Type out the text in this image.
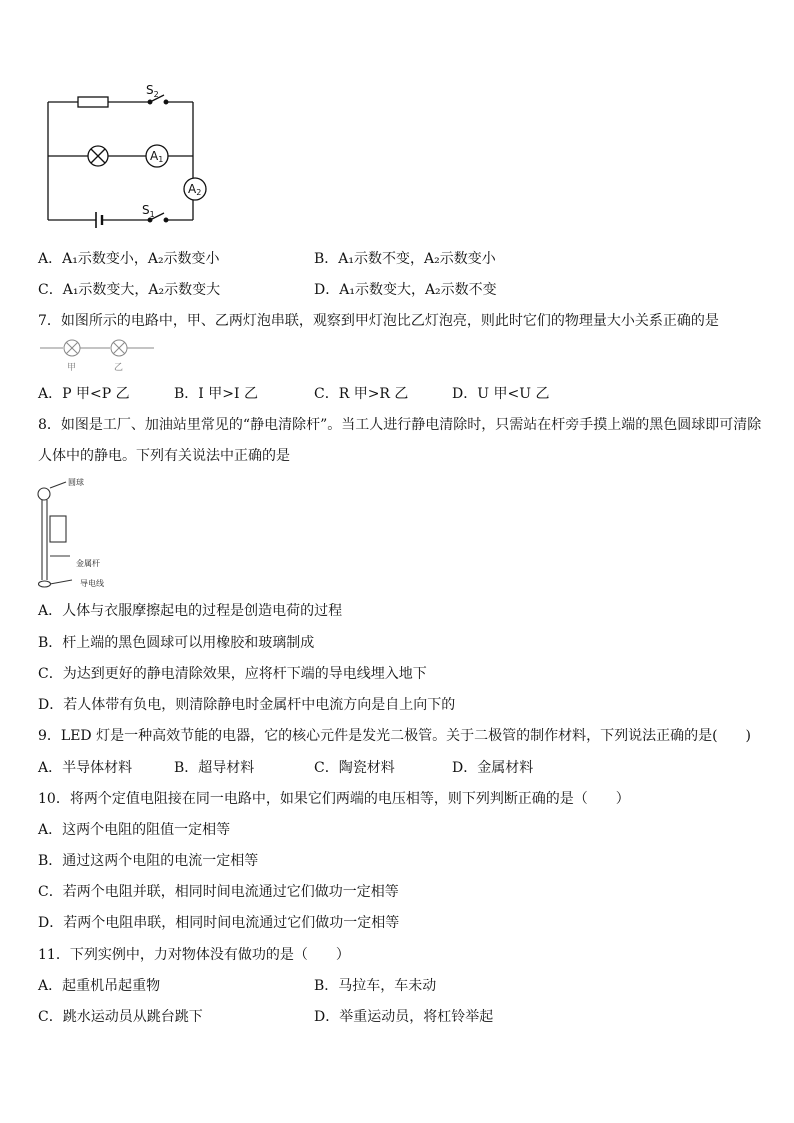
$S_2$
$S_1$
A1
A2
A．A₁示数变小，A₂示数变小	B．A₁示数不变，A₂示数变小
C．A₁示数变大，A₂示数变大	D．A₁示数变大，A₂示数不变
7．如图所示的电路中，甲、乙两灯泡串联，观察到甲灯泡比乙灯泡亮，则此时它们的物理量大小关系正确的是
甲	乙
A．P 甲<P 乙	B．I 甲>I 乙	C．R 甲>R 乙	D．U 甲<U 乙
8．如图是工厂、加油站里常见的“静电清除杆”。当工人进行静电清除时，只需站在杆旁手摸上端的黑色圆球即可清除
人体中的静电。下列有关说法中正确的是
圆球
金属杆
导电线
A．人体与衣服摩擦起电的过程是创造电荷的过程
B．杆上端的黑色圆球可以用橡胶和玻璃制成
C．为达到更好的静电清除效果，应将杆下端的导电线埋入地下
D．若人体带有负电，则清除静电时金属杆中电流方向是自上向下的
9．LED 灯是一种高效节能的电器，它的核心元件是发光二极管。关于二极管的制作材料，下列说法正确的是(　　)
A．半导体材料	B．超导材料	C．陶瓷材料	D．金属材料
10．将两个定值电阻接在同一电路中，如果它们两端的电压相等，则下列判断正确的是（　　）
A．这两个电阻的阻值一定相等
B．通过这两个电阻的电流一定相等
C．若两个电阻并联，相同时间电流通过它们做功一定相等
D．若两个电阻串联，相同时间电流通过它们做功一定相等
11．下列实例中，力对物体没有做功的是（　　）
A．起重机吊起重物	B．马拉车，车未动
C．跳水运动员从跳台跳下	D．举重运动员，将杠铃举起
